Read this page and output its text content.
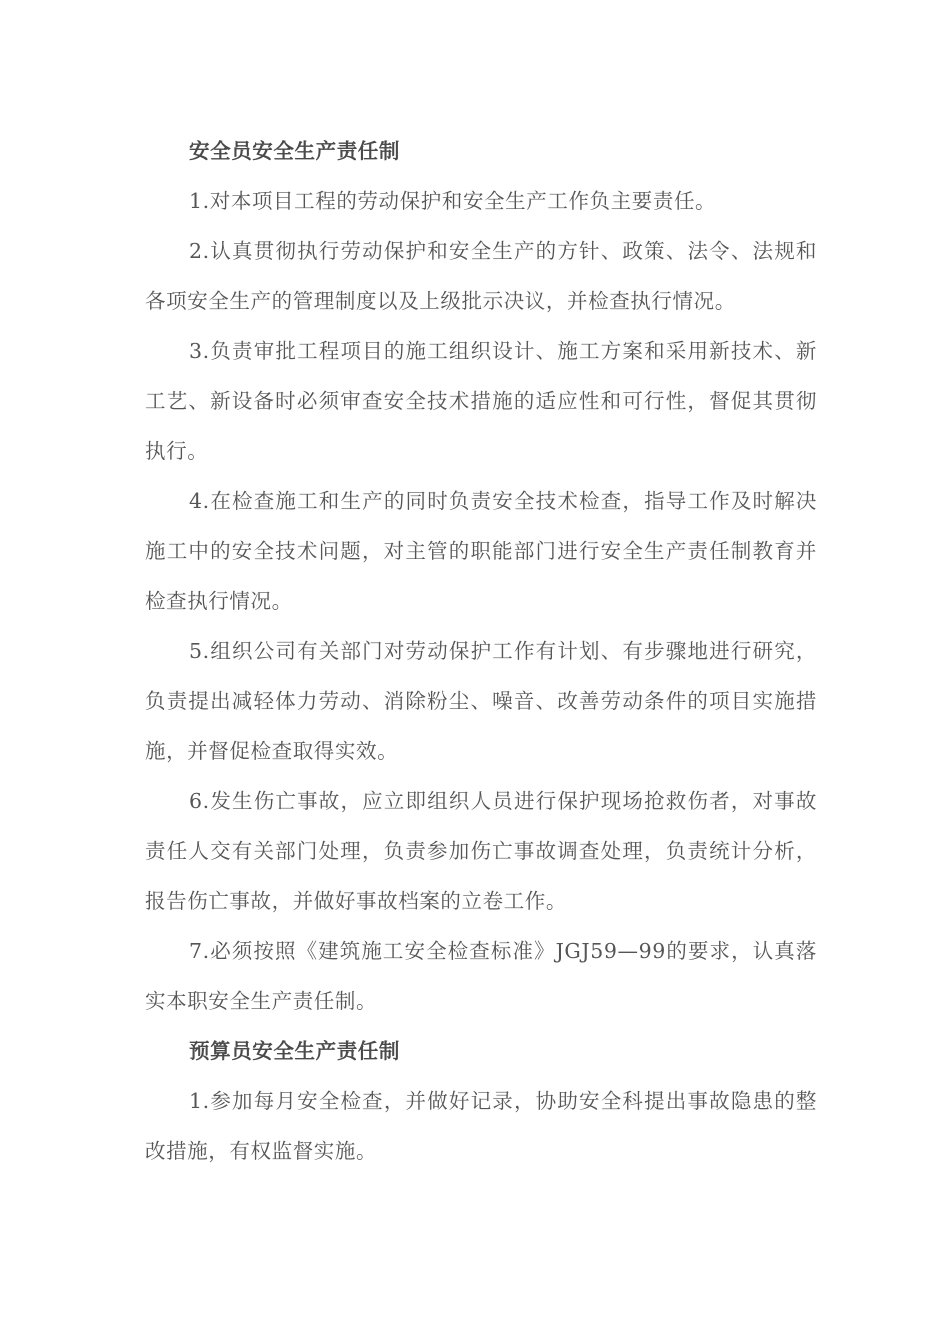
安全员安全生产责任制

1.对本项目工程的劳动保护和安全生产工作负主要责任。

2.认真贯彻执行劳动保护和安全生产的方针、政策、法令、法规和各项安全生产的管理制度以及上级批示决议，并检查执行情况。

3.负责审批工程项目的施工组织设计、施工方案和采用新技术、新工艺、新设备时必须审查安全技术措施的适应性和可行性，督促其贯彻执行。

4.在检查施工和生产的同时负责安全技术检查，指导工作及时解决施工中的安全技术问题，对主管的职能部门进行安全生产责任制教育并检查执行情况。

5.组织公司有关部门对劳动保护工作有计划、有步骤地进行研究，负责提出减轻体力劳动、消除粉尘、噪音、改善劳动条件的项目实施措施，并督促检查取得实效。

6.发生伤亡事故，应立即组织人员进行保护现场抢救伤者，对事故责任人交有关部门处理，负责参加伤亡事故调查处理，负责统计分析，报告伤亡事故，并做好事故档案的立卷工作。

7.必须按照《建筑施工安全检查标准》JGJ59—99的要求，认真落实本职安全生产责任制。

预算员安全生产责任制

1.参加每月安全检查，并做好记录，协助安全科提出事故隐患的整改措施，有权监督实施。
